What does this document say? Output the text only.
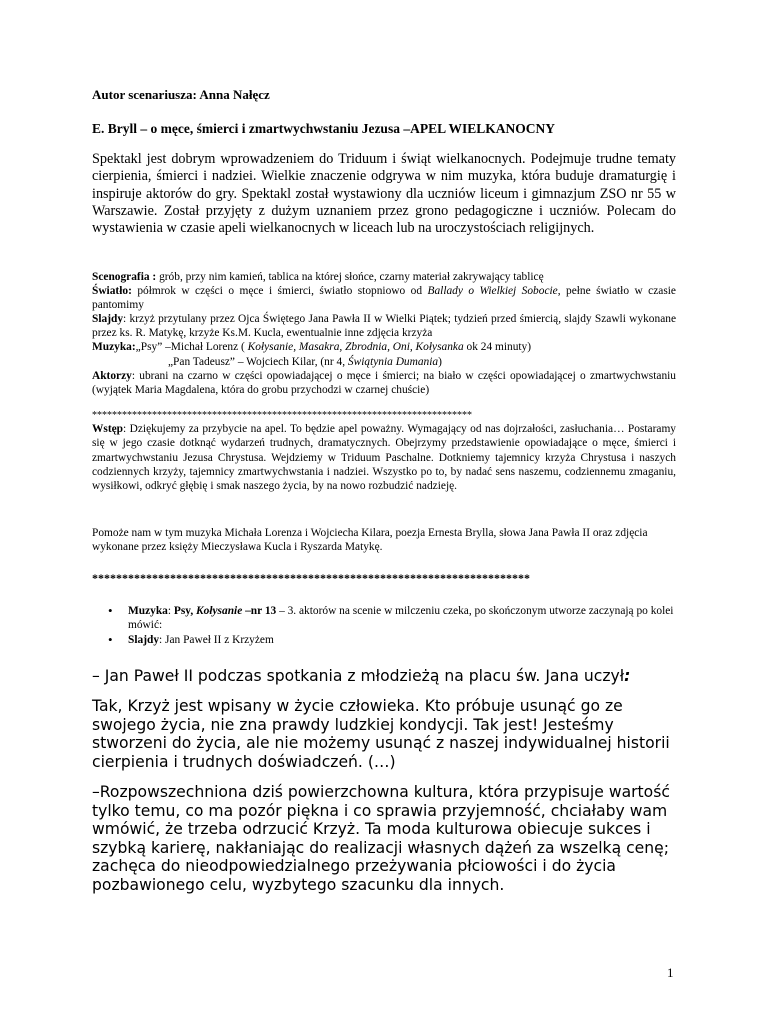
Autor scenariusza: Anna Nałęcz

E. Bryll – o męce, śmierci i zmartwychwstaniu Jezusa –APEL WIELKANOCNY

Spektakl jest dobrym wprowadzeniem do Triduum i świąt wielkanocnych. Podejmuje trudne tematy cierpienia, śmierci i nadziei. Wielkie znaczenie odgrywa w nim muzyka, która buduje dramaturgię i inspiruje aktorów do gry. Spektakl został wystawiony dla uczniów liceum i gimnazjum ZSO nr 55 w Warszawie. Został przyjęty z dużym uznaniem przez grono pedagogiczne i uczniów. Polecam do wystawienia w czasie apeli wielkanocnych w liceach lub na uroczystościach religijnych.

Scenografia : grób, przy nim kamień, tablica na której słońce, czarny materiał zakrywający tablicę

Światło: półmrok w części o męce i śmierci, światło stopniowo od Ballady o Wielkiej Sobocie, pełne światło w czasie pantomimy

Slajdy: krzyż przytulany przez Ojca Świętego Jana Pawła II w Wielki Piątek; tydzień przed śmiercią, slajdy Szawli wykonane przez ks. R. Matykę, krzyże Ks.M. Kucla, ewentualnie inne zdjęcia krzyża

Muzyka:„Psy” –Michał Lorenz ( Kołysanie, Masakra, Zbrodnia, Oni, Kołysanka ok 24 minuty)

„Pan Tadeusz” – Wojciech Kilar, (nr 4, Świątynia Dumania)

Aktorzy: ubrani na czarno w części opowiadającej o męce i śmierci; na biało w części opowiadającej o zmartwychwstaniu (wyjątek Maria Magdalena, która do grobu przychodzi w czarnej chuście)

****************************************************************************

Wstęp: Dziękujemy za przybycie na apel. To będzie apel poważny. Wymagający od nas dojrzałości, zasłuchania… Postaramy się w jego czasie dotknąć wydarzeń trudnych, dramatycznych. Obejrzymy przedstawienie opowiadające o męce, śmierci i zmartwychwstaniu Jezusa Chrystusa. Wejdziemy w Triduum Paschalne. Dotkniemy tajemnicy krzyża Chrystusa i naszych codziennych krzyży, tajemnicy zmartwychwstania i nadziei. Wszystko po to, by nadać sens naszemu, codziennemu zmaganiu, wysiłkowi, odkryć głębię i smak naszego życia, by na nowo rozbudzić nadzieję.

Pomoże nam w tym muzyka Michała Lorenza i Wojciecha Kilara, poezja Ernesta Brylla, słowa Jana Pawła II oraz zdjęcia wykonane przez księży Mieczysława Kucla i Ryszarda Matykę.

*************************************************************************

• Muzyka: Psy, Kołysanie –nr 13 – 3. aktorów na scenie w milczeniu czeka, po skończonym utworze zaczynają po kolei mówić:
• Slajdy: Jan Paweł II z Krzyżem

– Jan Paweł II podczas spotkania z młodzieżą na placu św. Jana uczył:

Tak, Krzyż jest wpisany w życie człowieka. Kto próbuje usunąć go ze swojego życia, nie zna prawdy ludzkiej kondycji. Tak jest! Jesteśmy stworzeni do życia, ale nie możemy usunąć z naszej indywidualnej historii cierpienia i trudnych doświadczeń. (…)

–Rozpowszechniona dziś powierzchowna kultura, która przypisuje wartość tylko temu, co ma pozór piękna i co sprawia przyjemność, chciałaby wam wmówić, że trzeba odrzucić Krzyż. Ta moda kulturowa obiecuje sukces i szybką karierę, nakłaniając do realizacji własnych dążeń za wszelką cenę; zachęca do nieodpowiedzialnego przeżywania płciowości i do życia pozbawionego celu, wyzbytego szacunku dla innych.

1
